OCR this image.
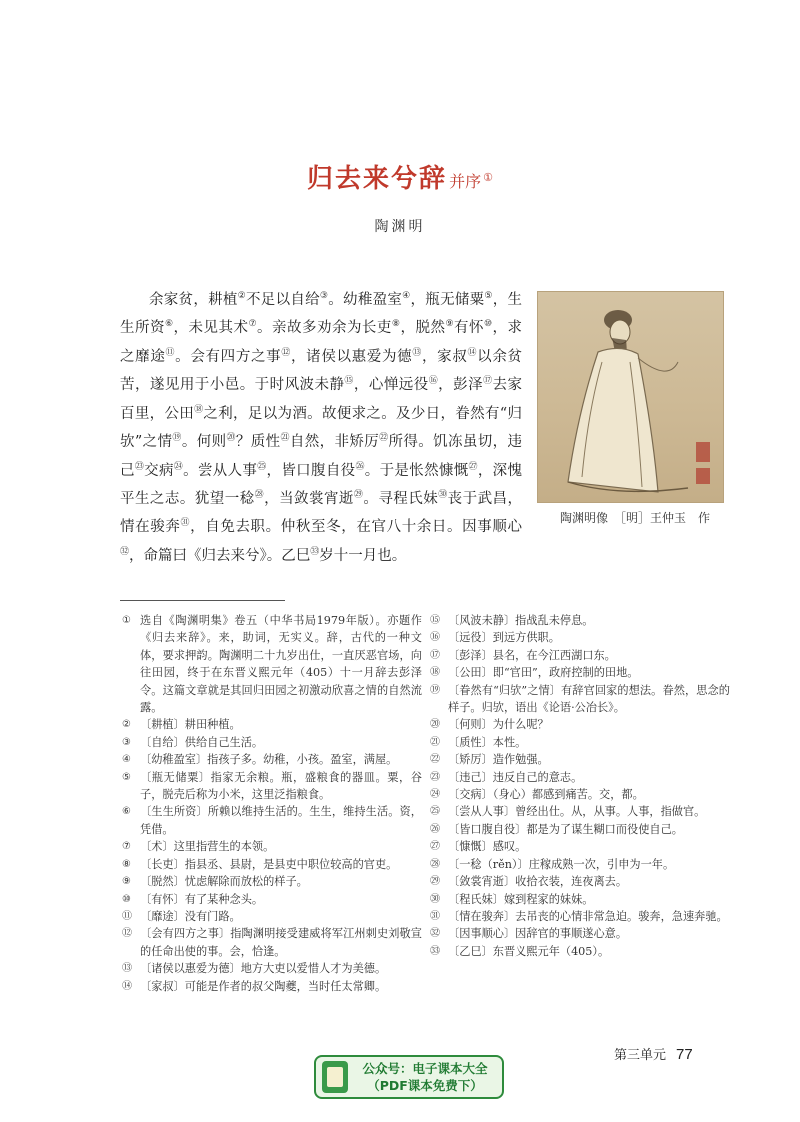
归去来兮辞 并序 ①
陶渊明

余家贫，耕植②不足以自给③。幼稚盈室④，瓶无储粟⑤，生生所资⑥，未见其术⑦。亲故多劝余为长吏⑧，脱然⑨有怀⑩，求之靡途⑪。会有四方之事⑫，诸侯以惠爱为德⑬，家叔⑭以余贫苦，遂见用于小邑。于时风波未静⑮，心惮远役⑯，彭泽⑰去家百里，公田⑱之利，足以为酒。故便求之。及少日，眷然有“归欤”之情⑲。何则⑳？质性$^㉑$自然，非矫厉$^㉒$所得。饥冻虽切，违己$^㉓$交病$^㉔$。尝从人事$^㉕$，皆口腹自役$^㉖$。于是怅然慷慨$^㉗$，深愧平生之志。犹望一稔$^㉘$，当敛裳宵逝$^㉙$。寻程氏妹$^㉚$丧于武昌，情在骏奔$^㉛$，自免去职。仲秋至冬，在官八十余日。因事顺心$^㉜$，命篇曰《归去来兮》。乙巳$^㉝$岁十一月也。

陶渊明像　［明］王仲玉　作
① 选自《陶渊明集》卷五（中华书局1979年版）。亦题作《归去来辞》。来，助词，无实义。辞，古代的一种文体，要求押韵。陶渊明二十九岁出仕，一直厌恶官场，向往田园，终于在东晋义熙元年（405）十一月辞去彭泽令。这篇文章就是其回归田园之初激动欣喜之情的自然流露。
② 〔耕植〕耕田种植。
③ 〔自给〕供给自己生活。
④ 〔幼稚盈室〕指孩子多。幼稚，小孩。盈室，满屋。
⑤ 〔瓶无储粟〕指家无余粮。瓶，盛粮食的器皿。粟，谷子，脱壳后称为小米，这里泛指粮食。
⑥ 〔生生所资〕所赖以维持生活的。生生，维持生活。资，凭借。
⑦ 〔术〕这里指营生的本领。
⑧ 〔长吏〕指县丞、县尉，是县吏中职位较高的官吏。
⑨ 〔脱然〕忧虑解除而放松的样子。
⑩ 〔有怀〕有了某种念头。
⑪ 〔靡途〕没有门路。
⑫ 〔会有四方之事〕指陶渊明接受建威将军江州刺史刘敬宣的任命出使的事。会，恰逢。
⑬ 〔诸侯以惠爱为德〕地方大吏以爱惜人才为美德。
⑭ 〔家叔〕可能是作者的叔父陶夔，当时任太常卿。
⑮ 〔风波未静〕指战乱未停息。
⑯ 〔远役〕到远方供职。
⑰ 〔彭泽〕县名，在今江西湖口东。
⑱ 〔公田〕即“官田”，政府控制的田地。
⑲ 〔眷然有“归欤”之情〕有辞官回家的想法。眷然，思念的样子。归欤，语出《论语·公冶长》。
⑳ 〔何则〕为什么呢？
㉑ 〔质性〕本性。
㉒ 〔矫厉〕造作勉强。
㉓ 〔违己〕违反自己的意志。
㉔ 〔交病〕（身心）都感到痛苦。交，都。
㉕ 〔尝从人事〕曾经出仕。从，从事。人事，指做官。
㉖ 〔皆口腹自役〕都是为了谋生糊口而役使自己。
㉗ 〔慷慨〕感叹。
㉘ 〔一稔（rěn）〕庄稼成熟一次，引申为一年。
㉙ 〔敛裳宵逝〕收拾衣装，连夜离去。
㉚ 〔程氏妹〕嫁到程家的妹妹。
㉛ 〔情在骏奔〕去吊丧的心情非常急迫。骏奔，急速奔驰。
㉜ 〔因事顺心〕因辞官的事顺遂心意。
㉝ 〔乙巳〕东晋义熙元年（405）。
第三单元 77
公众号：电子课本大全
（PDF课本免费下）
